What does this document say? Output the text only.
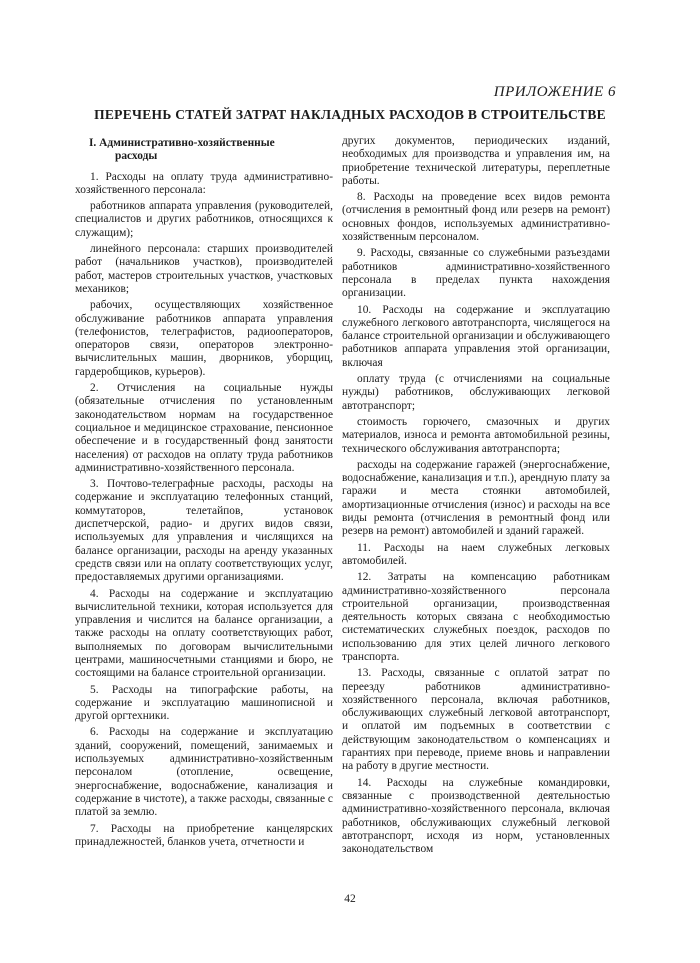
ПРИЛОЖЕНИЕ 6
ПЕРЕЧЕНЬ СТАТЕЙ ЗАТРАТ НАКЛАДНЫХ РАСХОДОВ В СТРОИТЕЛЬСТВЕ
I. Административно-хозяйственные
расходы

1. Расходы на оплату труда административно-хозяйственного персонала:

работников аппарата управления (руководителей, специалистов и других работников, относящихся к служащим);

линейного персонала: старших производителей работ (начальников участков), производителей работ, мастеров строительных участков, участковых механиков;

рабочих, осуществляющих хозяйственное обслуживание работников аппарата управления (телефонистов, телеграфистов, радиооператоров, операторов связи, операторов электронно-вычислительных машин, дворников, уборщиц, гардеробщиков, курьеров).

2. Отчисления на социальные нужды (обязательные отчисления по установленным законодательством нормам на государственное социальное и медицинское страхование, пенсионное обеспечение и в государственный фонд занятости населения) от расходов на оплату труда работников административно-хозяйственного персонала.

3. Почтово-телеграфные расходы, расходы на содержание и эксплуатацию телефонных станций, коммутаторов, телетайпов, установок диспетчерской, радио- и других видов связи, используемых для управления и числящихся на балансе организации, расходы на аренду указанных средств связи или на оплату соответствующих услуг, предоставляемых другими организациями.

4. Расходы на содержание и эксплуатацию вычислительной техники, которая используется для управления и числится на балансе организации, а также расходы на оплату соответствующих работ, выполняемых по договорам вычислительными центрами, машиносчетными станциями и бюро, не состоящими на балансе строительной организации.

5. Расходы на типографские работы, на содержание и эксплуатацию машинописной и другой оргтехники.

6. Расходы на содержание и эксплуатацию зданий, сооружений, помещений, занимаемых и используемых административно-хозяйственным персоналом (отопление, освещение, энергоснабжение, водоснабжение, канализация и содержание в чистоте), а также расходы, связанные с платой за землю.

7. Расходы на приобретение канцелярских принадлежностей, бланков учета, отчетности и

других документов, периодических изданий, необходимых для производства и управления им, на приобретение технической литературы, переплетные работы.

8. Расходы на проведение всех видов ремонта (отчисления в ремонтный фонд или резерв на ремонт) основных фондов, используемых административно-хозяйственным персоналом.

9. Расходы, связанные со служебными разъездами работников административно-хозяйственного персонала в пределах пункта нахождения организации.

10. Расходы на содержание и эксплуатацию служебного легкового автотранспорта, числящегося на балансе строительной организации и обслуживающего работников аппарата управления этой организации, включая

оплату труда (с отчислениями на социальные нужды) работников, обслуживающих легковой автотранспорт;

стоимость горючего, смазочных и других материалов, износа и ремонта автомобильной резины, технического обслуживания автотранспорта;

расходы на содержание гаражей (энергоснабжение, водоснабжение, канализация и т.п.), арендную плату за гаражи и места стоянки автомобилей, амортизационные отчисления (износ) и расходы на все виды ремонта (отчисления в ремонтный фонд или резерв на ремонт) автомобилей и зданий гаражей.

11. Расходы на наем служебных легковых автомобилей.

12. Затраты на компенсацию работникам административно-хозяйственного персонала строительной организации, производственная деятельность которых связана с необходимостью систематических служебных поездок, расходов по использованию для этих целей личного легкового транспорта.

13. Расходы, связанные с оплатой затрат по переезду работников административно-хозяйственного персонала, включая работников, обслуживающих служебный легковой автотранспорт, и оплатой им подъемных в соответствии с действующим законодательством о компенсациях и гарантиях при переводе, приеме вновь и направлении на работу в другие местности.

14. Расходы на служебные командировки, связанные с производственной деятельностью административно-хозяйственного персонала, включая работников, обслуживающих служебный легковой автотранспорт, исходя из норм, установленных законодательством

42
